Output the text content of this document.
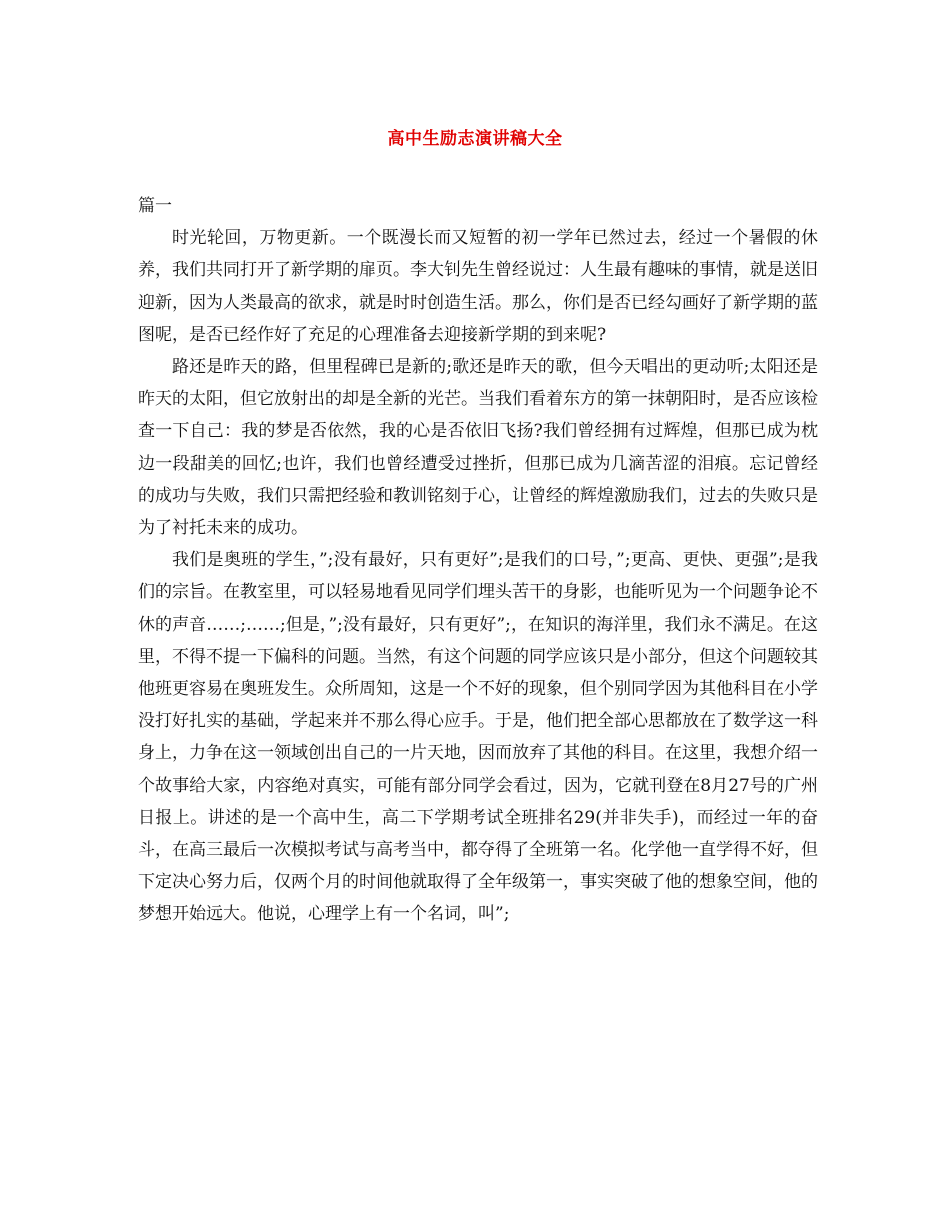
高中生励志演讲稿大全

篇一

时光轮回，万物更新。一个既漫长而又短暂的初一学年已然过去，经过一个暑假的休养，我们共同打开了新学期的扉页。李大钊先生曾经说过：人生最有趣味的事情，就是送旧迎新，因为人类最高的欲求，就是时时创造生活。那么，你们是否已经勾画好了新学期的蓝图呢，是否已经作好了充足的心理准备去迎接新学期的到来呢?

路还是昨天的路，但里程碑已是新的;歌还是昨天的歌，但今天唱出的更动听;太阳还是昨天的太阳，但它放射出的却是全新的光芒。当我们看着东方的第一抹朝阳时，是否应该检查一下自己：我的梦是否依然，我的心是否依旧飞扬?我们曾经拥有过辉煌，但那已成为枕边一段甜美的回忆;也许，我们也曾经遭受过挫折，但那已成为几滴苦涩的泪痕。忘记曾经的成功与失败，我们只需把经验和教训铭刻于心，让曾经的辉煌激励我们，过去的失败只是为了衬托未来的成功。

我们是奥班的学生，”;没有最好，只有更好”;是我们的口号，”;更高、更快、更强”;是我们的宗旨。在教室里，可以轻易地看见同学们埋头苦干的身影，也能听见为一个问题争论不休的声音……;……;但是，”;没有最好，只有更好”;，在知识的海洋里，我们永不满足。在这里，不得不提一下偏科的问题。当然，有这个问题的同学应该只是小部分，但这个问题较其他班更容易在奥班发生。众所周知，这是一个不好的现象，但个别同学因为其他科目在小学没打好扎实的基础，学起来并不那么得心应手。于是，他们把全部心思都放在了数学这一科身上，力争在这一领域创出自己的一片天地，因而放弃了其他的科目。在这里，我想介绍一个故事给大家，内容绝对真实，可能有部分同学会看过，因为，它就刊登在8月27号的广州日报上。讲述的是一个高中生，高二下学期考试全班排名29(并非失手)，而经过一年的奋斗，在高三最后一次模拟考试与高考当中，都夺得了全班第一名。化学他一直学得不好，但下定决心努力后，仅两个月的时间他就取得了全年级第一，事实突破了他的想象空间，他的梦想开始远大。他说，心理学上有一个名词，叫”;
